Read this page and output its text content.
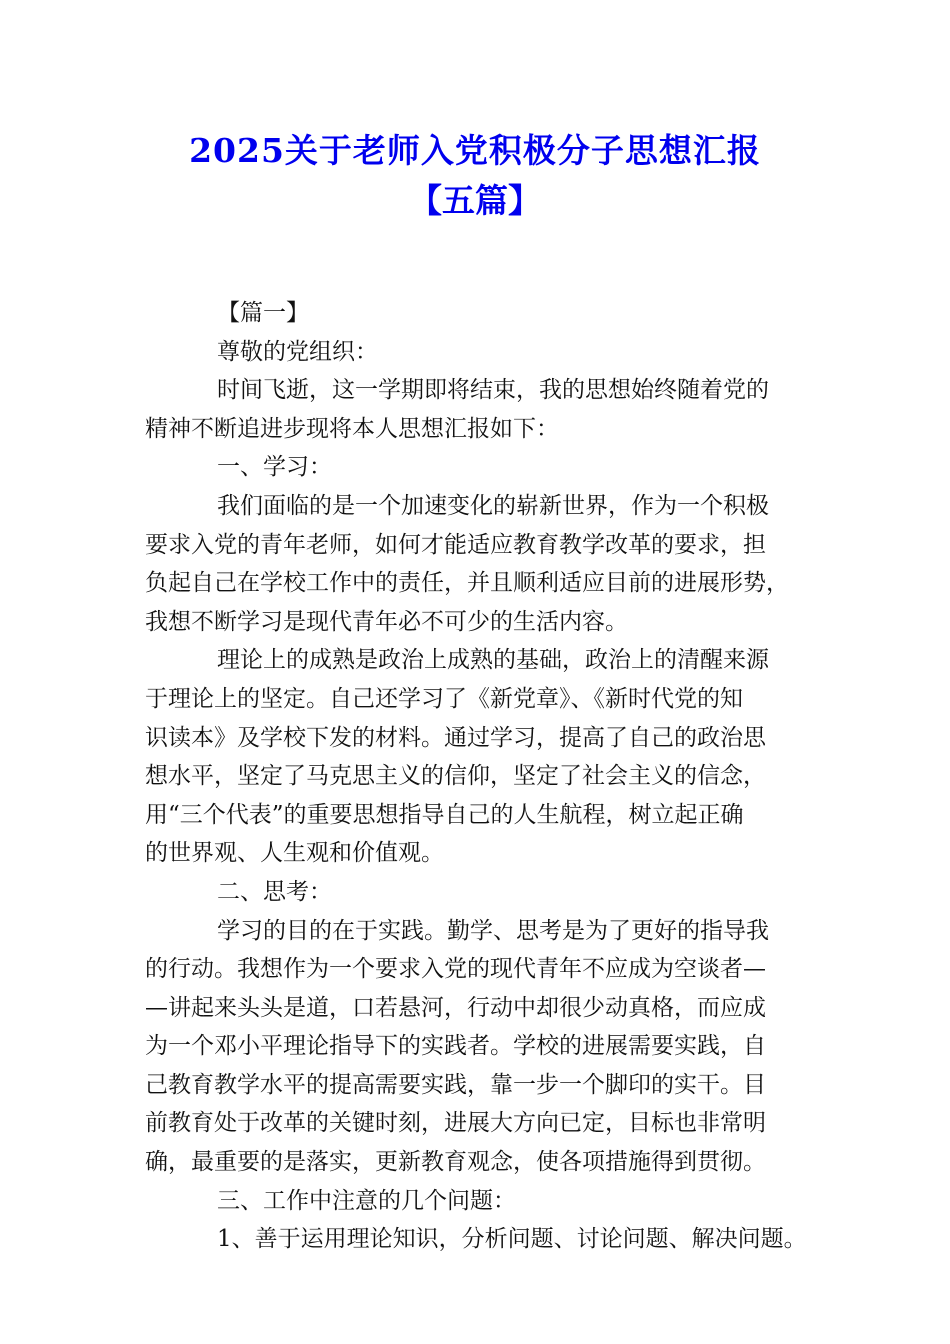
2025关于老师入党积极分子思想汇报
【五篇】
【篇一】
尊敬的党组织：
时间飞逝，这一学期即将结束，我的思想始终随着党的
精神不断追进步现将本人思想汇报如下：
一、学习：
我们面临的是一个加速变化的崭新世界，作为一个积极
要求入党的青年老师，如何才能适应教育教学改革的要求，担
负起自己在学校工作中的责任，并且顺利适应目前的进展形势，
我想不断学习是现代青年必不可少的生活内容。
理论上的成熟是政治上成熟的基础，政治上的清醒来源
于理论上的坚定。自己还学习了《新党章》、《新时代党的知
识读本》及学校下发的材料。通过学习，提高了自己的政治思
想水平，坚定了马克思主义的信仰，坚定了社会主义的信念，
用“三个代表”的重要思想指导自己的人生航程，树立起正确
的世界观、人生观和价值观。
二、思考：
学习的目的在于实践。勤学、思考是为了更好的指导我
的行动。我想作为一个要求入党的现代青年不应成为空谈者—
—讲起来头头是道，口若悬河，行动中却很少动真格，而应成
为一个邓小平理论指导下的实践者。学校的进展需要实践，自
己教育教学水平的提高需要实践，靠一步一个脚印的实干。目
前教育处于改革的关键时刻，进展大方向已定，目标也非常明
确，最重要的是落实，更新教育观念，使各项措施得到贯彻。
三、工作中注意的几个问题：
1、善于运用理论知识，分析问题、讨论问题、解决问题。
